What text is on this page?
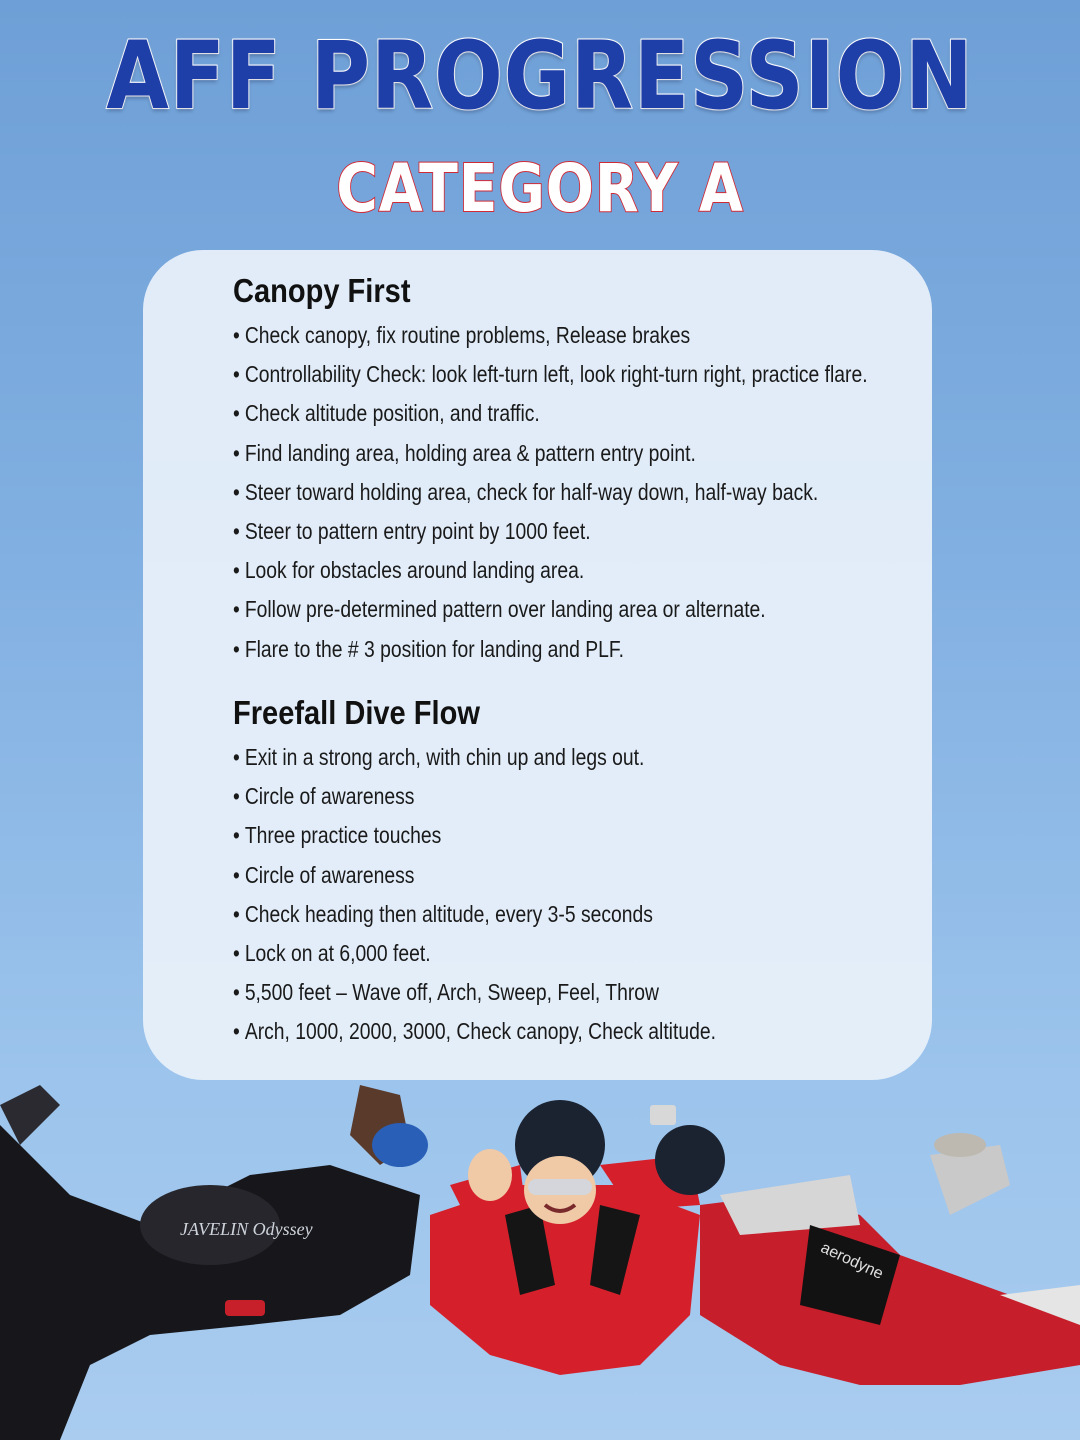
AFF PROGRESSION
CATEGORY A
Canopy First
• Check canopy, fix routine problems, Release brakes
• Controllability Check: look left-turn left, look right-turn right, practice flare.
• Check altitude position, and traffic.
• Find landing area, holding area & pattern entry point.
• Steer toward holding area, check for half-way down, half-way back.
• Steer to pattern entry point by 1000 feet.
• Look for obstacles around landing area.
• Follow pre-determined pattern over landing area or alternate.
• Flare to the # 3 position for landing and PLF.
Freefall Dive Flow
• Exit in a strong arch, with chin up and legs out.
• Circle of awareness
• Three practice touches
• Circle of awareness
• Check heading then altitude, every 3-5 seconds
• Lock on at 6,000 feet.
• 5,500 feet – Wave off, Arch, Sweep, Feel, Throw
• Arch, 1000, 2000, 3000, Check canopy, Check altitude.
JAVELIN Odyssey
aerodyne
